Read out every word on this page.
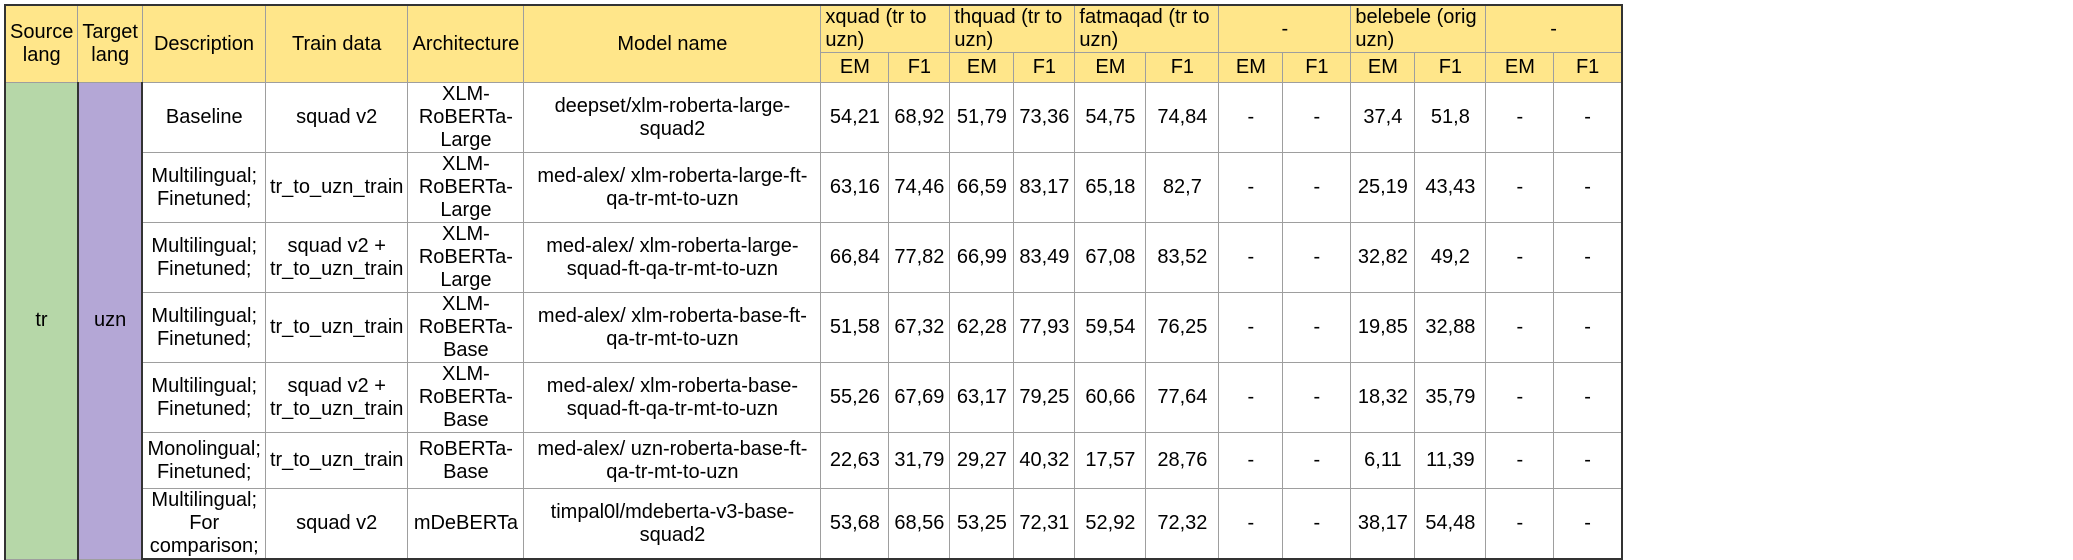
Source lang	Target lang	Description	Train data	Architecture	Model name	xquad (tr to uzn)		thquad (tr to uzn)		fatmaqad (tr to uzn)		-		belebele (orig uzn)		-	
						EM	F1	EM	F1	EM	F1	EM	F1	EM	F1	EM	F1
tr	uzn	Baseline	squad v2	XLM-RoBERTa-Large	deepset/xlm-roberta-large-squad2	54,21	68,92	51,79	73,36	54,75	74,84	-	-	37,4	51,8	-	-
		Multilingual; Finetuned;	tr_to_uzn_train	XLM-RoBERTa-Large	med-alex/ xlm-roberta-large-ft-qa-tr-mt-to-uzn	63,16	74,46	66,59	83,17	65,18	82,7	-	-	25,19	43,43	-	-
		Multilingual; Finetuned;	squad v2 + tr_to_uzn_train	XLM-RoBERTa-Large	med-alex/ xlm-roberta-large-squad-ft-qa-tr-mt-to-uzn	66,84	77,82	66,99	83,49	67,08	83,52	-	-	32,82	49,2	-	-
		Multilingual; Finetuned;	tr_to_uzn_train	XLM-RoBERTa-Base	med-alex/ xlm-roberta-base-ft-qa-tr-mt-to-uzn	51,58	67,32	62,28	77,93	59,54	76,25	-	-	19,85	32,88	-	-
		Multilingual; Finetuned;	squad v2 + tr_to_uzn_train	XLM-RoBERTa-Base	med-alex/ xlm-roberta-base-squad-ft-qa-tr-mt-to-uzn	55,26	67,69	63,17	79,25	60,66	77,64	-	-	18,32	35,79	-	-
		Monolingual; Finetuned;	tr_to_uzn_train	RoBERTa-Base	med-alex/ uzn-roberta-base-ft-qa-tr-mt-to-uzn	22,63	31,79	29,27	40,32	17,57	28,76	-	-	6,11	11,39	-	-
		Multilingual; For comparison;	squad v2	mDeBERTa	timpal0l/mdeberta-v3-base-squad2	53,68	68,56	53,25	72,31	52,92	72,32	-	-	38,17	54,48	-	-
